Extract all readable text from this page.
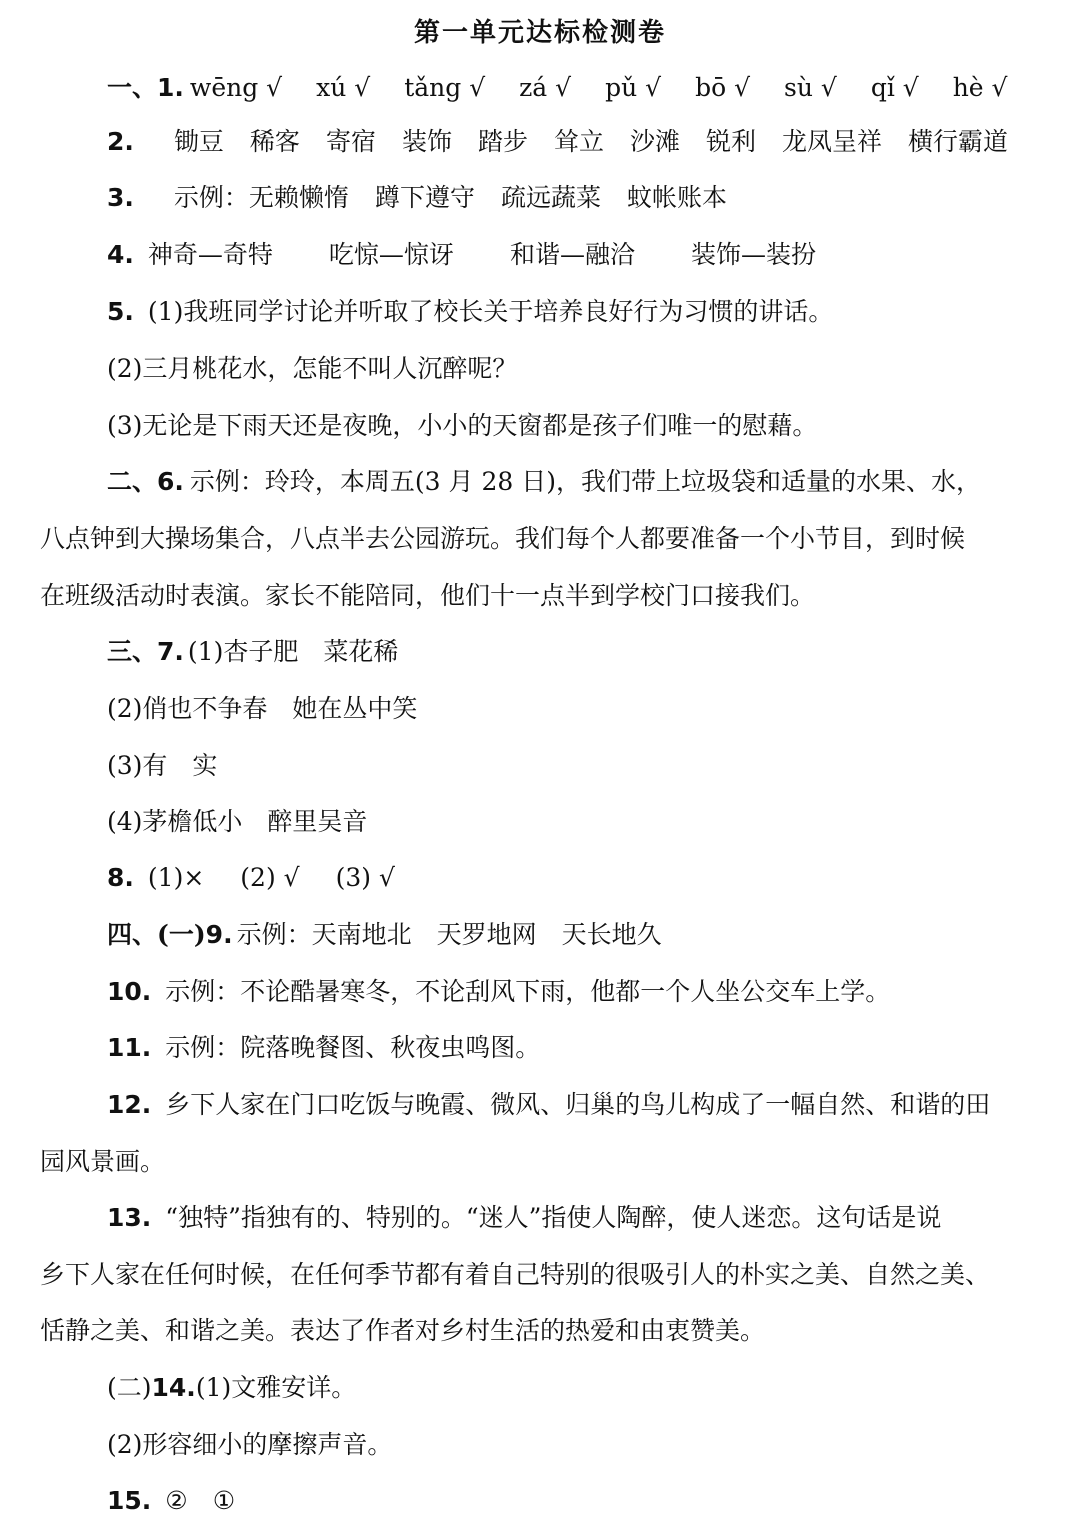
第一单元达标检测卷
一、1. wēng √ xú √ tǎng √ zá √ pǔ √ bō √ sù √ qǐ √ hè √
2. 锄豆 稀客 寄宿 装饰 踏步 耸立 沙滩 锐利 龙凤呈祥 横行霸道
3. 示例：无赖懒惰 蹲下遵守 疏远蔬菜 蚊帐账本
4. 神奇—奇特 吃惊—惊讶 和谐—融洽 装饰—装扮
5. (1)我班同学讨论并听取了校长关于培养良好行为习惯的讲话。
(2)三月桃花水，怎能不叫人沉醉呢？
(3)无论是下雨天还是夜晚，小小的天窗都是孩子们唯一的慰藉。
二、6. 示例：玲玲，本周五(3 月 28 日)，我们带上垃圾袋和适量的水果、水，
八点钟到大操场集合，八点半去公园游玩。我们每个人都要准备一个小节目，到时候
在班级活动时表演。家长不能陪同，他们十一点半到学校门口接我们。
三、7. (1)杏子肥　菜花稀
(2)俏也不争春　她在丛中笑
(3)有　实
(4)茅檐低小　醉里吴音
8. (1)× (2) √ (3) √
四、(一)9. 示例：天南地北　天罗地网　天长地久
10. 示例：不论酷暑寒冬，不论刮风下雨，他都一个人坐公交车上学。
11. 示例：院落晚餐图、秋夜虫鸣图。
12. 乡下人家在门口吃饭与晚霞、微风、归巢的鸟儿构成了一幅自然、和谐的田
园风景画。
13. “独特”指独有的、特别的。“迷人”指使人陶醉，使人迷恋。这句话是说
乡下人家在任何时候，在任何季节都有着自己特别的很吸引人的朴实之美、自然之美、
恬静之美、和谐之美。表达了作者对乡村生活的热爱和由衷赞美。
(二)14.(1)文雅安详。
(2)形容细小的摩擦声音。
15. ②　①
